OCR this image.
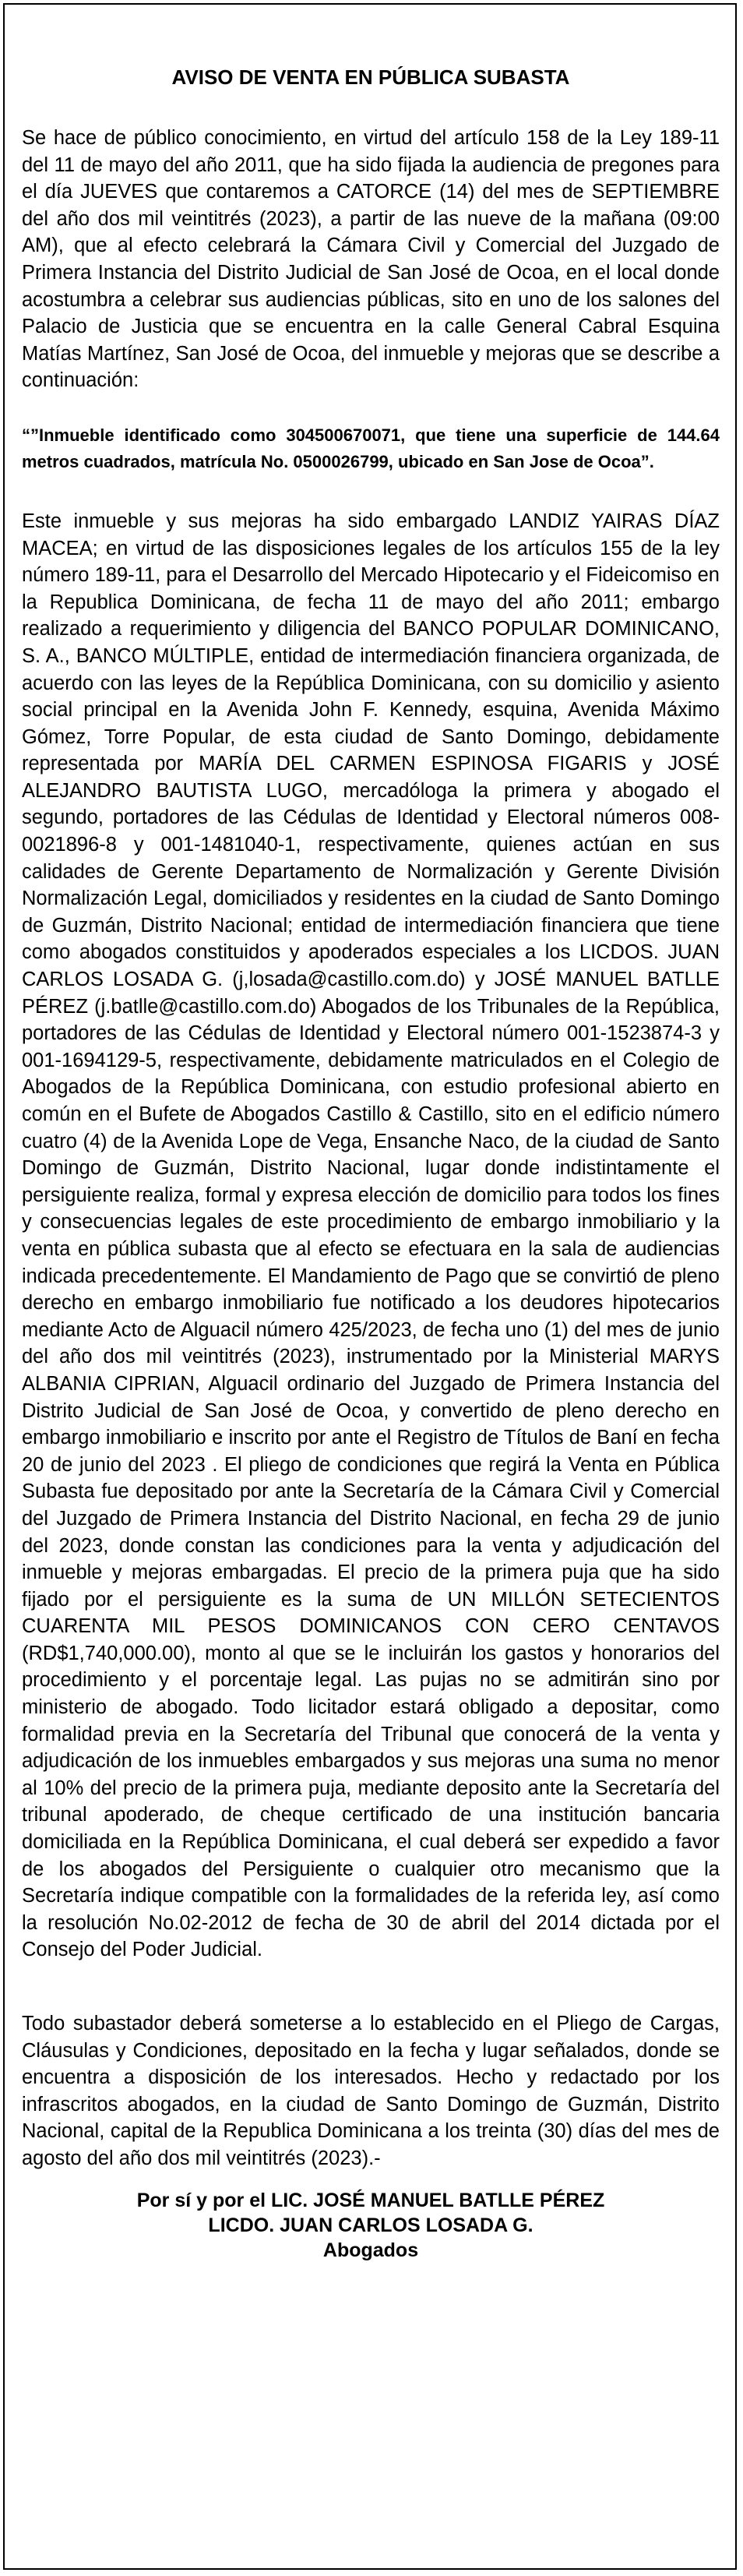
AVISO DE VENTA EN PÚBLICA SUBASTA

Se hace de público conocimiento, en virtud del artículo 158 de la Ley 189-11 del 11 de mayo del año 2011, que ha sido fijada la audiencia de pregones para el día JUEVES que contaremos a CATORCE (14) del mes de SEPTIEMBRE del año dos mil veintitrés (2023), a partir de las nueve de la mañana (09:00 AM), que al efecto celebrará la Cámara Civil y Comercial del Juzgado de Primera Instancia del Distrito Judicial de San José de Ocoa, en el local donde acostumbra a celebrar sus audiencias públicas, sito en uno de los salones del Palacio de Justicia que se encuentra en la calle General Cabral Esquina Matías Martínez, San José de Ocoa, del inmueble y mejoras que se describe a continuación:

“”Inmueble identificado como 304500670071, que tiene una superficie de 144.64 metros cuadrados, matrícula No. 0500026799, ubicado en San Jose de Ocoa”.

Este inmueble y sus mejoras ha sido embargado LANDIZ YAIRAS DÍAZ MACEA; en virtud de las disposiciones legales de los artículos 155 de la ley número 189-11, para el Desarrollo del Mercado Hipotecario y el Fideicomiso en la Republica Dominicana, de fecha 11 de mayo del año 2011; embargo realizado a requerimiento y diligencia del BANCO POPULAR DOMINICANO, S. A., BANCO MÚLTIPLE, entidad de intermediación financiera organizada, de acuerdo con las leyes de la República Dominicana, con su domicilio y asiento social principal en la Avenida John F. Kennedy, esquina, Avenida Máximo Gómez, Torre Popular, de esta ciudad de Santo Domingo, debidamente representada por MARÍA DEL CARMEN ESPINOSA FIGARIS y JOSÉ ALEJANDRO BAUTISTA LUGO, mercadóloga la primera y abogado el segundo, portadores de las Cédulas de Identidad y Electoral números 008-0021896-8 y 001-1481040-1, respectivamente, quienes actúan en sus calidades de Gerente Departamento de Normalización y Gerente División Normalización Legal, domiciliados y residentes en la ciudad de Santo Domingo de Guzmán, Distrito Nacional; entidad de intermediación financiera que tiene como abogados constituidos y apoderados especiales a los LICDOS. JUAN CARLOS LOSADA G. (j,losada@castillo.com.do) y JOSÉ MANUEL BATLLE PÉREZ (j.batlle@castillo.com.do) Abogados de los Tribunales de la República, portadores de las Cédulas de Identidad y Electoral número 001-1523874-3 y 001-1694129-5, respectivamente, debidamente matriculados en el Colegio de Abogados de la República Dominicana, con estudio profesional abierto en común en el Bufete de Abogados Castillo & Castillo, sito en el edificio número cuatro (4) de la Avenida Lope de Vega, Ensanche Naco, de la ciudad de Santo Domingo de Guzmán, Distrito Nacional, lugar donde indistintamente el persiguiente realiza, formal y expresa elección de domicilio para todos los fines y consecuencias legales de este procedimiento de embargo inmobiliario y la venta en pública subasta que al efecto se efectuara en la sala de audiencias indicada precedentemente. El Mandamiento de Pago que se convirtió de pleno derecho en embargo inmobiliario fue notificado a los deudores hipotecarios mediante Acto de Alguacil número 425/2023, de fecha uno (1) del mes de junio del año dos mil veintitrés (2023), instrumentado por la Ministerial MARYS ALBANIA CIPRIAN, Alguacil ordinario del Juzgado de Primera Instancia del Distrito Judicial de San José de Ocoa, y convertido de pleno derecho en embargo inmobiliario e inscrito por ante el Registro de Títulos de Baní en fecha 20 de junio del 2023 . El pliego de condiciones que regirá la Venta en Pública Subasta fue depositado por ante la Secretaría de la Cámara Civil y Comercial del Juzgado de Primera Instancia del Distrito Nacional, en fecha 29 de junio del 2023, donde constan las condiciones para la venta y adjudicación del inmueble y mejoras embargadas. El precio de la primera puja que ha sido fijado por el persiguiente es la suma de UN MILLÓN SETECIENTOS CUARENTA MIL PESOS DOMINICANOS CON CERO CENTAVOS (RD$1,740,000.00), monto al que se le incluirán los gastos y honorarios del procedimiento y el porcentaje legal. Las pujas no se admitirán sino por ministerio de abogado. Todo licitador estará obligado a depositar, como formalidad previa en la Secretaría del Tribunal que conocerá de la venta y adjudicación de los inmuebles embargados y sus mejoras una suma no menor al 10% del precio de la primera puja, mediante deposito ante la Secretaría del tribunal apoderado, de cheque certificado de una institución bancaria domiciliada en la República Dominicana, el cual deberá ser expedido a favor de los abogados del Persiguiente o cualquier otro mecanismo que la Secretaría indique compatible con la formalidades de la referida ley, así como la resolución No.02-2012 de fecha de 30 de abril del 2014 dictada por el Consejo del Poder Judicial.

Todo subastador deberá someterse a lo establecido en el Pliego de Cargas, Cláusulas y Condiciones, depositado en la fecha y lugar señalados, donde se encuentra a disposición de los interesados. Hecho y redactado por los infrascritos abogados, en la ciudad de Santo Domingo de Guzmán, Distrito Nacional, capital de la Republica Dominicana a los treinta (30) días del mes de agosto del año dos mil veintitrés (2023).-

Por sí y por el LIC. JOSÉ MANUEL BATLLE PÉREZ
LICDO. JUAN CARLOS LOSADA G.
Abogados
